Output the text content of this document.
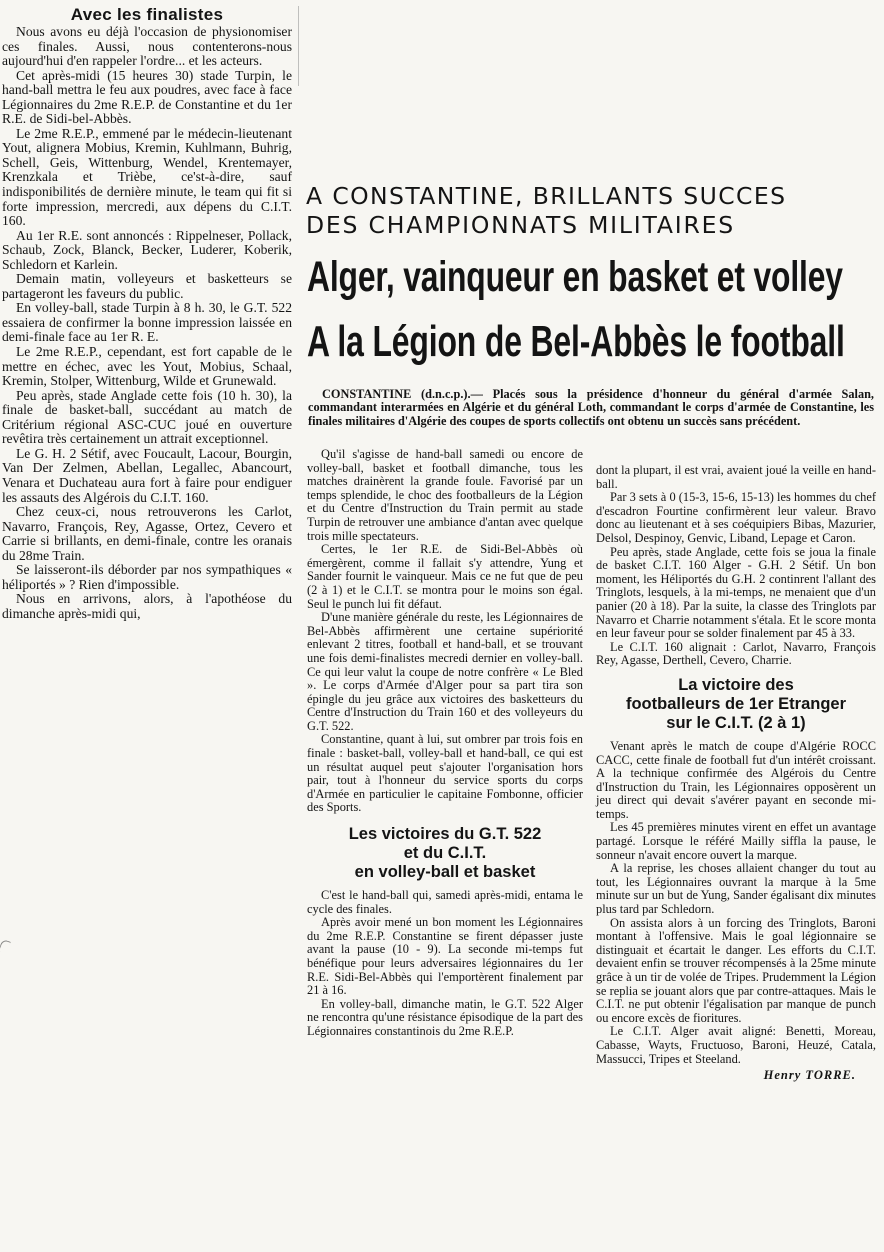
Avec les finalistes

Nous avons eu déjà l'occasion de physionomiser ces finales. Aussi, nous contenterons-nous aujourd'hui d'en rappeler l'ordre... et les acteurs.

Cet après-midi (15 heures 30) stade Turpin, le hand-ball mettra le feu aux poudres, avec face à face Légionnaires du 2me R.E.P. de Constantine et du 1er R.E. de Sidi-bel-Abbès.

Le 2me R.E.P., emmené par le médecin-lieutenant Yout, alignera Mobius, Kremin, Kuhlmann, Buhrig, Schell, Geis, Wittenburg, Wendel, Krentemayer, Krenzkala et Trièbe, ce'st-à-dire, sauf indisponibilités de dernière minute, le team qui fit si forte impression, mercredi, aux dépens du C.I.T. 160.

Au 1er R.E. sont annoncés : Rippelneser, Pollack, Schaub, Zock, Blanck, Becker, Luderer, Koberik, Schledorn et Karlein.

Demain matin, volleyeurs et basketteurs se partageront les faveurs du public.

En volley-ball, stade Turpin à 8 h. 30, le G.T. 522 essaiera de confirmer la bonne impression laissée en demi-finale face au 1er R. E.

Le 2me R.E.P., cependant, est fort capable de le mettre en échec, avec les Yout, Mobius, Schaal, Kremin, Stolper, Wittenburg, Wilde et Grunewald.

Peu après, stade Anglade cette fois (10 h. 30), la finale de basket-ball, succédant au match de Critérium régional ASC-CUC joué en ouverture revêtira très certainement un attrait exceptionnel.

Le G. H. 2 Sétif, avec Foucault, Lacour, Bourgin, Van Der Zelmen, Abellan, Legallec, Abancourt, Venara et Duchateau aura fort à faire pour endiguer les assauts des Algérois du C.I.T. 160.

Chez ceux-ci, nous retrouverons les Carlot, Navarro, François, Rey, Agasse, Ortez, Cevero et Carrie si brillants, en demi-finale, contre les oranais du 28me Train.

Se laisseront-ils déborder par nos sympathiques « héliportés » ? Rien d'impossible.

Nous en arrivons, alors, à l'apothéose du dimanche après-midi qui,

A CONSTANTINE, BRILLANTS SUCCES
DES CHAMPIONNATS MILITAIRES
Alger, vainqueur en basket et volley
A la Légion de Bel-Abbès le football

CONSTANTINE (d.n.c.p.).— Placés sous la présidence d'honneur du général d'armée Salan, commandant interarmées en Algérie et du général Loth, commandant le corps d'armée de Constantine, les finales militaires d'Algérie des coupes de sports collectifs ont obtenu un succès sans précédent.

Qu'il s'agisse de hand-ball samedi ou encore de volley-ball, basket et football dimanche, tous les matches drainèrent la grande foule. Favorisé par un temps splendide, le choc des footballeurs de la Légion et du Centre d'Instruction du Train permit au stade Turpin de retrouver une ambiance d'antan avec quelque trois mille spectateurs.

Certes, le 1er R.E. de Sidi-Bel-Abbès où émergèrent, comme il fallait s'y attendre, Yung et Sander fournit le vainqueur. Mais ce ne fut que de peu (2 à 1) et le C.I.T. se montra pour le moins son égal. Seul le punch lui fit défaut.

D'une manière générale du reste, les Légionnaires de Bel-Abbès affirmèrent une certaine supériorité enlevant 2 titres, football et hand-ball, et se trouvant une fois demi-finalistes mecredi dernier en volley-ball. Ce qui leur valut la coupe de notre confrère « Le Bled ». Le corps d'Armée d'Alger pour sa part tira son épingle du jeu grâce aux victoires des basketteurs du Centre d'Instruction du Train 160 et des volleyeurs du G.T. 522.

Constantine, quant à lui, sut ombrer par trois fois en finale : basket-ball, volley-ball et hand-ball, ce qui est un résultat auquel peut s'ajouter l'organisation hors pair, tout à l'honneur du service sports du corps d'Armée en particulier le capitaine Fombonne, officier des Sports.

Les victoires du G.T. 522
et du C.I.T.
en volley-ball et basket

C'est le hand-ball qui, samedi après-midi, entama le cycle des finales.

Après avoir mené un bon moment les Légionnaires du 2me R.E.P. Constantine se firent dépasser juste avant la pause (10 - 9). La seconde mi-temps fut bénéfique pour leurs adversaires légionnaires du 1er R.E. Sidi-Bel-Abbès qui l'emportèrent finalement par 21 à 16.

En volley-ball, dimanche matin, le G.T. 522 Alger ne rencontra qu'une résistance épisodique de la part des Légionnaires constantinois du 2me R.E.P.

dont la plupart, il est vrai, avaient joué la veille en hand-ball.

Par 3 sets à 0 (15-3, 15-6, 15-13) les hommes du chef d'escadron Fourtine confirmèrent leur valeur. Bravo donc au lieutenant et à ses coéquipiers Bibas, Mazurier, Delsol, Despinoy, Genvic, Liband, Lepage et Caron.

Peu après, stade Anglade, cette fois se joua la finale de basket C.I.T. 160 Alger - G.H. 2 Sétif. Un bon moment, les Héliportés du G.H. 2 continrent l'allant des Tringlots, lesquels, à la mi-temps, ne menaient que d'un panier (20 à 18). Par la suite, la classe des Tringlots par Navarro et Charrie notamment s'étala. Et le score monta en leur faveur pour se solder finalement par 45 à 33.

Le C.I.T. 160 alignait : Carlot, Navarro, François Rey, Agasse, Derthell, Cevero, Charrie.

La victoire des
footballeurs de 1er Etranger
sur le C.I.T. (2 à 1)

Venant après le match de coupe d'Algérie ROCC CACC, cette finale de football fut d'un intérêt croissant. A la technique confirmée des Algérois du Centre d'Instruction du Train, les Légionnaires opposèrent un jeu direct qui devait s'avérer payant en seconde mi-temps.

Les 45 premières minutes virent en effet un avantage partagé. Lorsque le référé Mailly siffla la pause, le sonneur n'avait encore ouvert la marque.

A la reprise, les choses allaient changer du tout au tout, les Légionnaires ouvrant la marque à la 5me minute sur un but de Yung, Sander égalisant dix minutes plus tard par Schledorn.

On assista alors à un forcing des Tringlots, Baroni montant à l'offensive. Mais le goal légionnaire se distinguait et écartait le danger. Les efforts du C.I.T. devaient enfin se trouver récompensés à la 25me minute grâce à un tir de volée de Tripes. Prudemment la Légion se replia se jouant alors que par contre-attaques. Mais le C.I.T. ne put obtenir l'égalisation par manque de punch ou encore excès de fioritures.

Le C.I.T. Alger avait aligné: Benetti, Moreau, Cabasse, Wayts, Fructuoso, Baroni, Heuzé, Catala, Massucci, Tripes et Steeland.

Henry TORRE.
